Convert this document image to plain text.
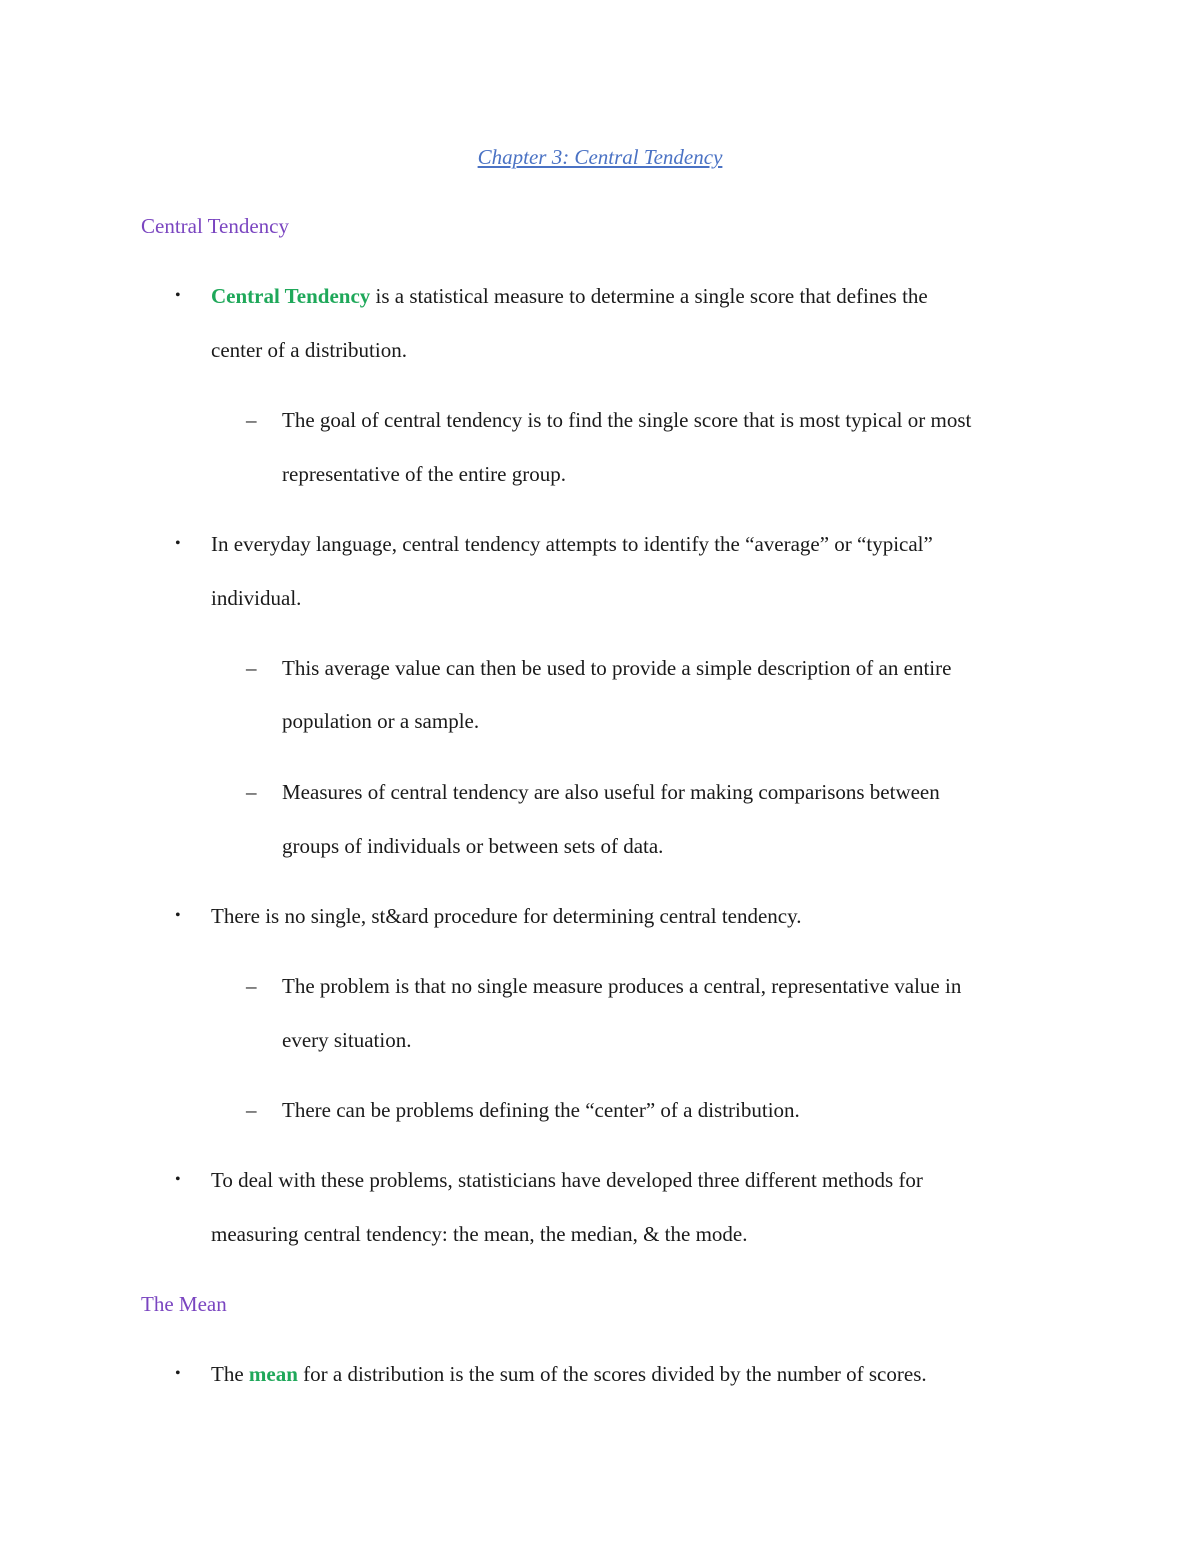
Chapter 3: Central Tendency
Central Tendency
• Central Tendency is a statistical measure to determine a single score that defines the
center of a distribution.
– The goal of central tendency is to find the single score that is most typical or most
representative of the entire group.
• In everyday language, central tendency attempts to identify the “average” or “typical”
individual.
– This average value can then be used to provide a simple description of an entire
population or a sample.
– Measures of central tendency are also useful for making comparisons between
groups of individuals or between sets of data.
• There is no single, st&ard procedure for determining central tendency.
– The problem is that no single measure produces a central, representative value in
every situation.
– There can be problems defining the “center” of a distribution.
• To deal with these problems, statisticians have developed three different methods for
measuring central tendency: the mean, the median, & the mode.
The Mean
• The mean for a distribution is the sum of the scores divided by the number of scores.
